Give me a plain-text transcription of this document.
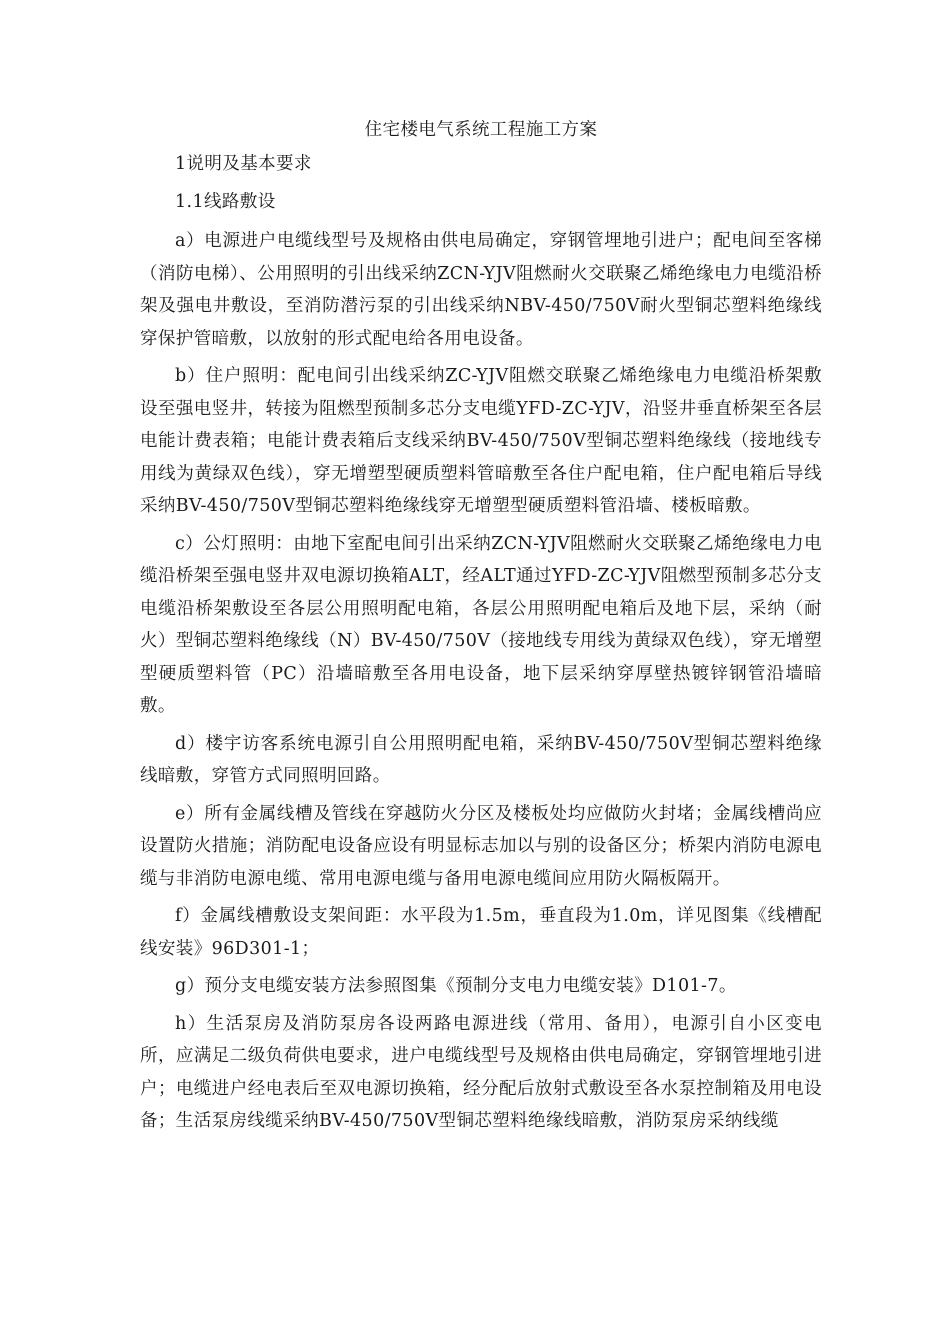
住宅楼电气系统工程施工方案
1说明及基本要求
1.1线路敷设

a）电源进户电缆线型号及规格由供电局确定，穿钢管埋地引进户；配电间至客梯（消防电梯）、公用照明的引出线采纳ZCN-YJV阻燃耐火交联聚乙烯绝缘电力电缆沿桥架及强电井敷设，至消防潜污泵的引出线采纳NBV-450/750V耐火型铜芯塑料绝缘线穿保护管暗敷，以放射的形式配电给各用电设备。

b）住户照明：配电间引出线采纳ZC-YJV阻燃交联聚乙烯绝缘电力电缆沿桥架敷设至强电竖井，转接为阻燃型预制多芯分支电缆YFD-ZC-YJV，沿竖井垂直桥架至各层电能计费表箱；电能计费表箱后支线采纳BV-450/750V型铜芯塑料绝缘线（接地线专用线为黄绿双色线），穿无增塑型硬质塑料管暗敷至各住户配电箱，住户配电箱后导线采纳BV-450/750V型铜芯塑料绝缘线穿无增塑型硬质塑料管沿墙、楼板暗敷。

c）公灯照明：由地下室配电间引出采纳ZCN-YJV阻燃耐火交联聚乙烯绝缘电力电缆沿桥架至强电竖井双电源切换箱ALT，经ALT通过YFD-ZC-YJV阻燃型预制多芯分支电缆沿桥架敷设至各层公用照明配电箱，各层公用照明配电箱后及地下层，采纳（耐火）型铜芯塑料绝缘线（N）BV-450/750V（接地线专用线为黄绿双色线），穿无增塑型硬质塑料管（PC）沿墙暗敷至各用电设备，地下层采纳穿厚壁热镀锌钢管沿墙暗敷。

d）楼宇访客系统电源引自公用照明配电箱，采纳BV-450/750V型铜芯塑料绝缘线暗敷，穿管方式同照明回路。

e）所有金属线槽及管线在穿越防火分区及楼板处均应做防火封堵；金属线槽尚应设置防火措施；消防配电设备应设有明显标志加以与别的设备区分；桥架内消防电源电缆与非消防电源电缆、常用电源电缆与备用电源电缆间应用防火隔板隔开。

f）金属线槽敷设支架间距：水平段为1.5m，垂直段为1.0m，详见图集《线槽配线安装》96D301-1；

g）预分支电缆安装方法参照图集《预制分支电力电缆安装》D101-7。

h）生活泵房及消防泵房各设两路电源进线（常用、备用），电源引自小区变电所，应满足二级负荷供电要求，进户电缆线型号及规格由供电局确定，穿钢管埋地引进户；电缆进户经电表后至双电源切换箱，经分配后放射式敷设至各水泵控制箱及用电设备；生活泵房线缆采纳BV-450/750V型铜芯塑料绝缘线暗敷，消防泵房采纳线缆
